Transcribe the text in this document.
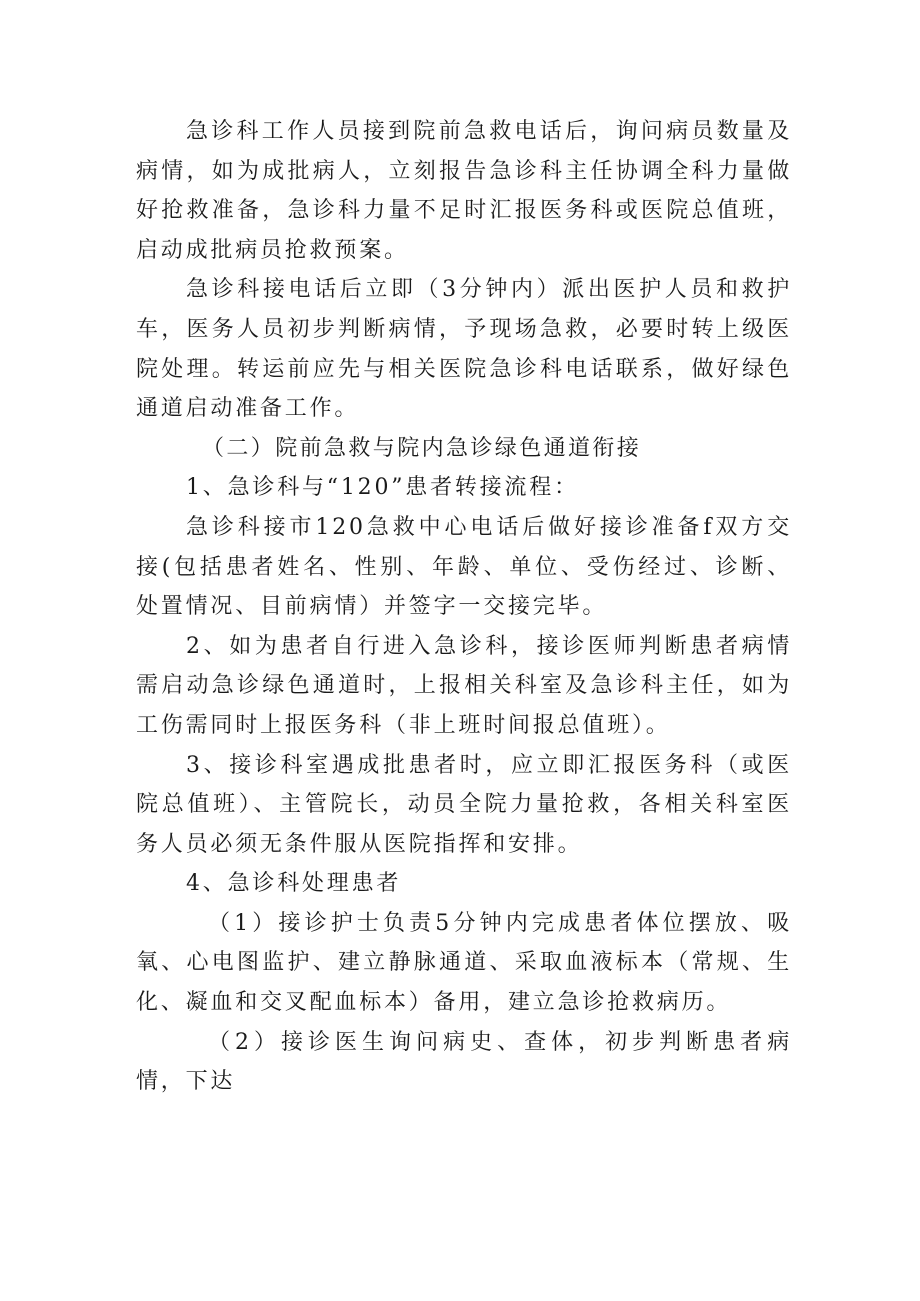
急诊科工作人员接到院前急救电话后，询问病员数量及病情，如为成批病人，立刻报告急诊科主任协调全科力量做好抢救准备，急诊科力量不足时汇报医务科或医院总值班，启动成批病员抢救预案。

急诊科接电话后立即（3分钟内）派出医护人员和救护车，医务人员初步判断病情，予现场急救，必要时转上级医院处理。转运前应先与相关医院急诊科电话联系，做好绿色通道启动准备工作。

（二）院前急救与院内急诊绿色通道衔接

1、急诊科与“120”患者转接流程：

急诊科接市120急救中心电话后做好接诊准备f双方交接(包括患者姓名、性别、年龄、单位、受伤经过、诊断、处置情况、目前病情）并签字一交接完毕。

2、如为患者自行进入急诊科，接诊医师判断患者病情需启动急诊绿色通道时，上报相关科室及急诊科主任，如为工伤需同时上报医务科（非上班时间报总值班）。

3、接诊科室遇成批患者时，应立即汇报医务科（或医院总值班）、主管院长，动员全院力量抢救，各相关科室医务人员必须无条件服从医院指挥和安排。

4、急诊科处理患者

（1）接诊护士负责5分钟内完成患者体位摆放、吸氧、心电图监护、建立静脉通道、采取血液标本（常规、生化、凝血和交叉配血标本）备用，建立急诊抢救病历。

（2）接诊医生询问病史、查体，初步判断患者病情，下达
